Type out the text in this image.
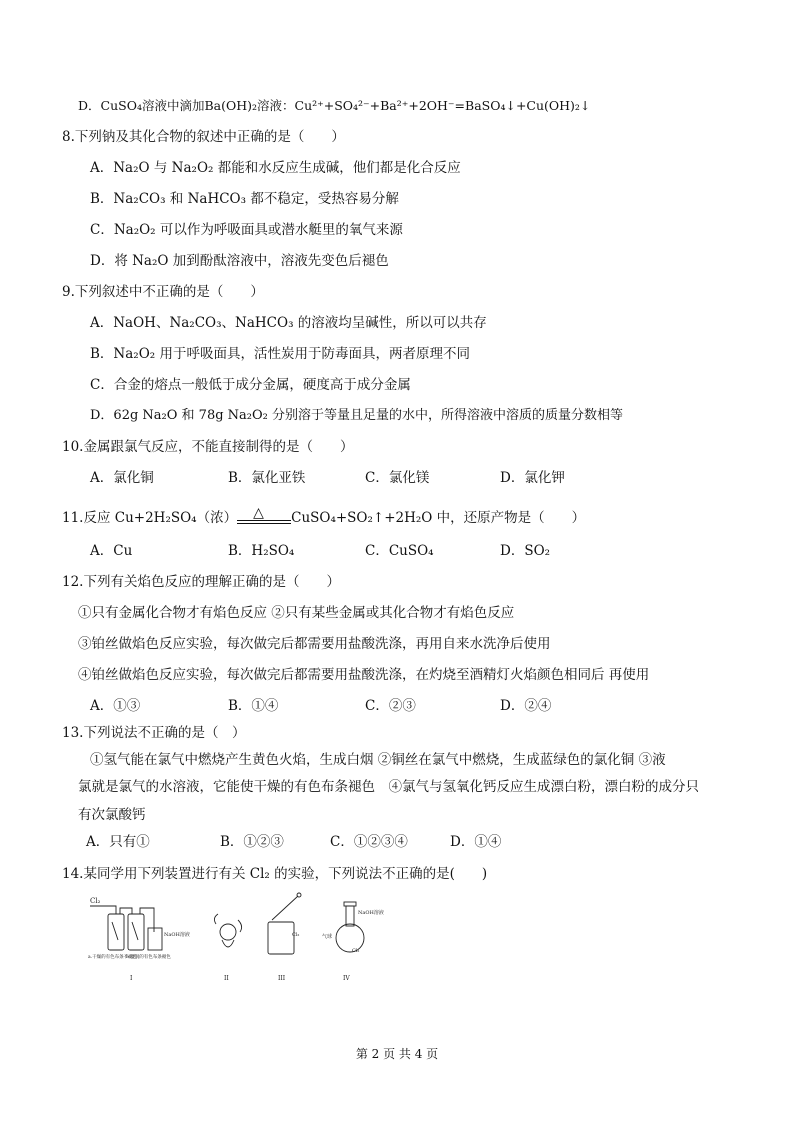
D．CuSO₄溶液中滴加Ba(OH)₂溶液：Cu²⁺+SO₄²⁻+Ba²⁺+2OH⁻=BaSO₄↓+Cu(OH)₂↓
8.下列钠及其化合物的叙述中正确的是（　　）
A．Na₂O 与 Na₂O₂ 都能和水反应生成碱，他们都是化合反应
B．Na₂CO₃ 和 NaHCO₃ 都不稳定，受热容易分解
C．Na₂O₂ 可以作为呼吸面具或潜水艇里的氧气来源
D．将 Na₂O 加到酚酞溶液中，溶液先变色后褪色
9.下列叙述中不正确的是（　　）
A．NaOH、Na₂CO₃、NaHCO₃ 的溶液均呈碱性，所以可以共存
B．Na₂O₂ 用于呼吸面具，活性炭用于防毒面具，两者原理不同
C．合金的熔点一般低于成分金属，硬度高于成分金属
D．62g Na₂O 和 78g Na₂O₂ 分别溶于等量且足量的水中，所得溶液中溶质的质量分数相等
10.金属跟氯气反应，不能直接制得的是（　　）
A．氯化铜	B．氯化亚铁	C．氯化镁	D．氯化钾
11.反应 Cu+2H₂SO₄（浓） △ CuSO₄+SO₂↑+2H₂O 中，还原产物是（　　）
A．Cu	B．H₂SO₄	C．CuSO₄	D．SO₂
12.下列有关焰色反应的理解正确的是（　　）
①只有金属化合物才有焰色反应 ②只有某些金属或其化合物才有焰色反应
③铂丝做焰色反应实验，每次做完后都需要用盐酸洗涤，再用自来水洗净后使用
④铂丝做焰色反应实验，每次做完后都需要用盐酸洗涤，在灼烧至酒精灯火焰颜色相同后 再使用
A．①③	B．①④	C．②③	D．②④
13.下列说法不正确的是（　）
①氢气能在氯气中燃烧产生黄色火焰，生成白烟 ②铜丝在氯气中燃烧，生成蓝绿色的氯化铜 ③液
氯就是氯气的水溶液，它能使干燥的有色布条褪色　④氯气与氢氧化钙反应生成漂白粉，漂白粉的成分只
有次氯酸钙
A．只有①	B．①②③	C．①②③④	D．①④
14.某同学用下列装置进行有关 Cl₂ 的实验，下列说法不正确的是(　　)
Cl₂
NaOH溶液
a.干燥的有色布条不褪色
b.湿润的有色布条褪色
I	II
Cl₂
III
NaOH溶液
气球
Cl₂
IV
第 2 页 共 4 页
